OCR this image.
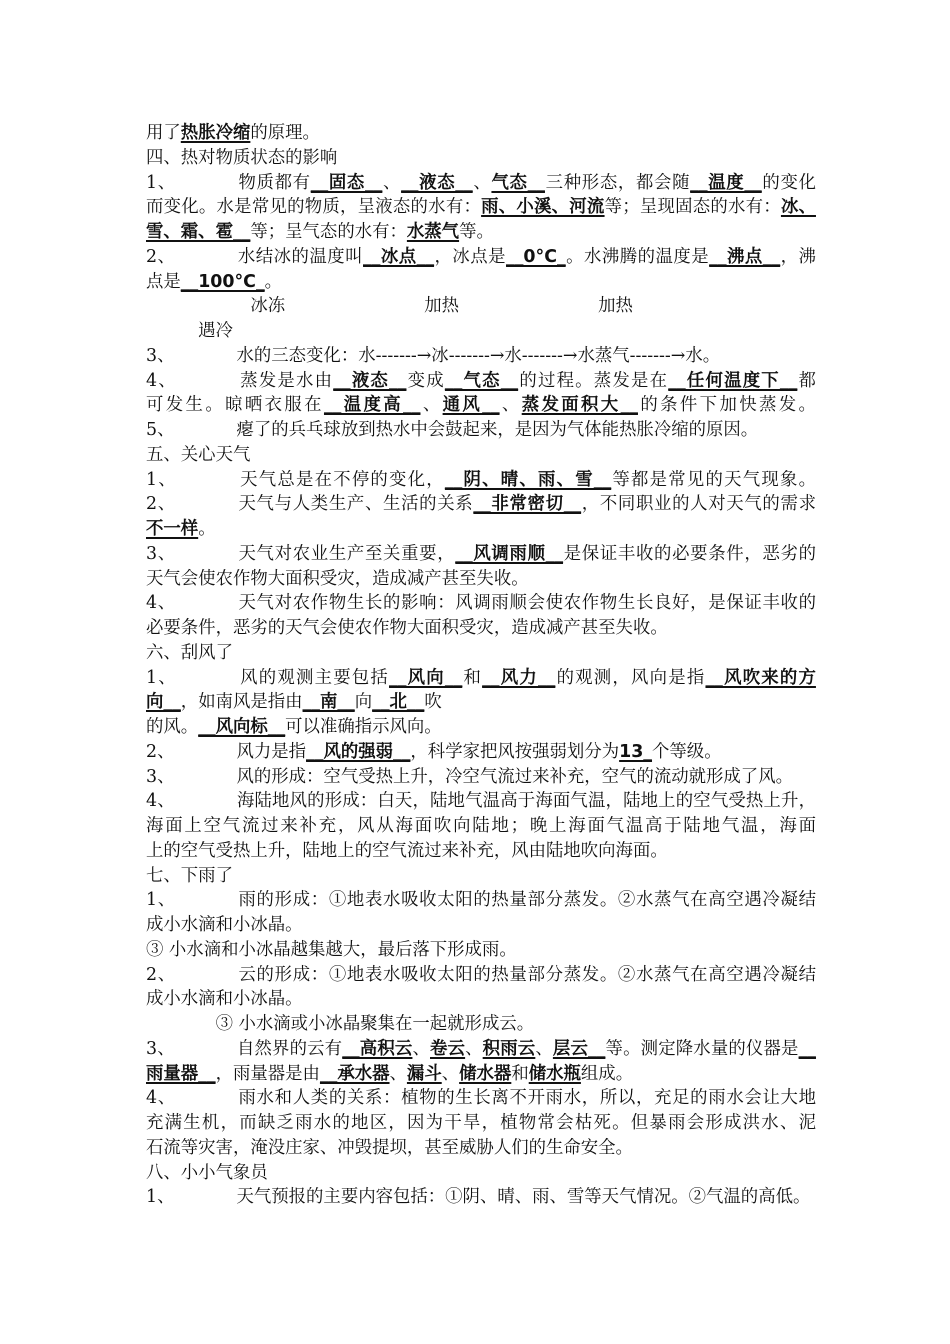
用了热胀冷缩的原理。
四、热对物质状态的影响
1、	物质都有__固态__、__液态__、气态__三种形态，都会随__温度__的变化
而变化。水是常见的物质，呈液态的水有：雨、小溪、河流等；呈现固态的水有：冰、
雪、霜、雹__等；呈气态的水有：水蒸气等。
2、	水结冰的温度叫__冰点__，冰点是__0°C_。水沸腾的温度是__沸点__，沸
点是__100°C_。
　　　　　　冰冻　　　　　　　　加热　　　　　　　　加热
　　　遇冷
3、	水的三态变化：水-------→冰-------→水-------→水蒸气-------→水。
4、	蒸发是水由__液态__变成__气态__的过程。蒸发是在__任何温度下__都
可发生。晾晒衣服在__温度高__、通风__、蒸发面积大__的条件下加快蒸发。
5、	瘪了的兵乓球放到热水中会鼓起来，是因为气体能热胀冷缩的原因。
五、关心天气
1、	天气总是在不停的变化，__阴、晴、雨、雪__等都是常见的天气现象。
2、	天气与人类生产、生活的关系__非常密切__，不同职业的人对天气的需求
不一样。
3、	天气对农业生产至关重要，__风调雨顺__是保证丰收的必要条件，恶劣的
天气会使农作物大面积受灾，造成减产甚至失收。
4、	天气对农作物生长的影响：风调雨顺会使农作物生长良好，是保证丰收的
必要条件，恶劣的天气会使农作物大面积受灾，造成减产甚至失收。
六、刮风了
1、	风的观测主要包括__风向__和__风力__的观测，风向是指__风吹来的方
向__，如南风是指由__南__向__北__吹
的风。__风向标__可以准确指示风向。
2、	风力是指__风的强弱__，科学家把风按强弱划分为13_个等级。
3、	风的形成：空气受热上升，冷空气流过来补充，空气的流动就形成了风。
4、	海陆地风的形成：白天，陆地气温高于海面气温，陆地上的空气受热上升，
海面上空气流过来补充，风从海面吹向陆地；晚上海面气温高于陆地气温，海面
上的空气受热上升，陆地上的空气流过来补充，风由陆地吹向海面。
七、下雨了
1、	雨的形成：①地表水吸收太阳的热量部分蒸发。②水蒸气在高空遇冷凝结
成小水滴和小冰晶。
③ 小水滴和小冰晶越集越大，最后落下形成雨。
2、	云的形成：①地表水吸收太阳的热量部分蒸发。②水蒸气在高空遇冷凝结
成小水滴和小冰晶。
　　　　③ 小水滴或小冰晶聚集在一起就形成云。
3、	自然界的云有__高积云、卷云、积雨云、层云__等。测定降水量的仪器是__
雨量器__，雨量器是由__承水器、漏斗、储水器和储水瓶组成。
4、	雨水和人类的关系：植物的生长离不开雨水，所以，充足的雨水会让大地
充满生机，而缺乏雨水的地区，因为干旱，植物常会枯死。但暴雨会形成洪水、泥
石流等灾害，淹没庄家、冲毁提坝，甚至威胁人们的生命安全。
八、小小气象员
1、	天气预报的主要内容包括：①阴、晴、雨、雪等天气情况。②气温的高低。
